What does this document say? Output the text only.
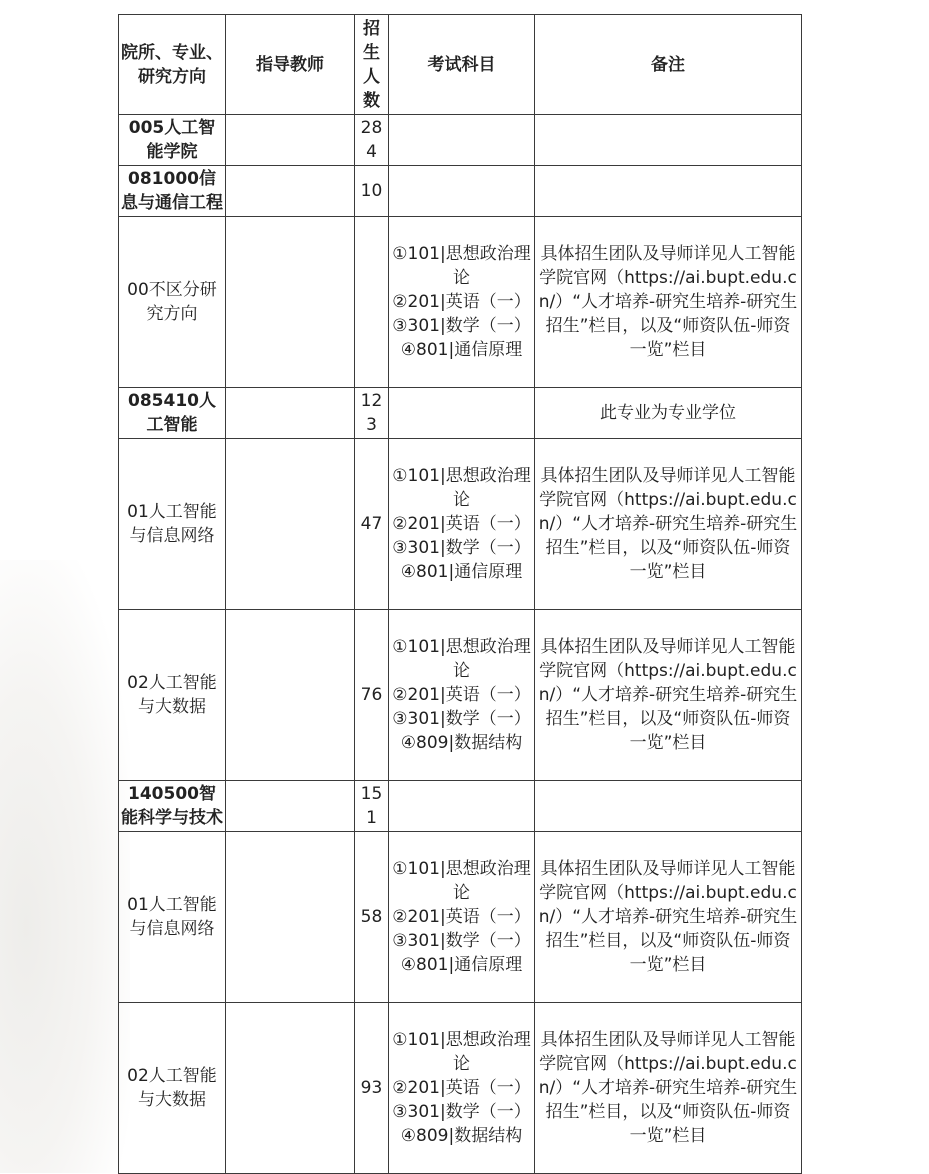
院所、专业、研究方向	指导教师	招生人数	考试科目	备注
005人工智能学院		284		
081000信息与通信工程		10		
00不区分研究方向			①101|思想政治理论
②201|英语（一）
③301|数学（一）
④801|通信原理	具体招生团队及导师详见人工智能学院官网（https://ai.bupt.edu.cn/）“人才培养-研究生培养-研究生招生”栏目，以及“师资队伍-师资一览”栏目
085410人工智能		123		此专业为专业学位
01人工智能与信息网络		47	①101|思想政治理论
②201|英语（一）
③301|数学（一）
④801|通信原理	具体招生团队及导师详见人工智能学院官网（https://ai.bupt.edu.cn/）“人才培养-研究生培养-研究生招生”栏目，以及“师资队伍-师资一览”栏目
02人工智能与大数据		76	①101|思想政治理论
②201|英语（一）
③301|数学（一）
④809|数据结构	具体招生团队及导师详见人工智能学院官网（https://ai.bupt.edu.cn/）“人才培养-研究生培养-研究生招生”栏目，以及“师资队伍-师资一览”栏目
140500智能科学与技术		151		
01人工智能与信息网络		58	①101|思想政治理论
②201|英语（一）
③301|数学（一）
④801|通信原理	具体招生团队及导师详见人工智能学院官网（https://ai.bupt.edu.cn/）“人才培养-研究生培养-研究生招生”栏目，以及“师资队伍-师资一览”栏目
02人工智能与大数据		93	①101|思想政治理论
②201|英语（一）
③301|数学（一）
④809|数据结构	具体招生团队及导师详见人工智能学院官网（https://ai.bupt.edu.cn/）“人才培养-研究生培养-研究生招生”栏目，以及“师资队伍-师资一览”栏目
